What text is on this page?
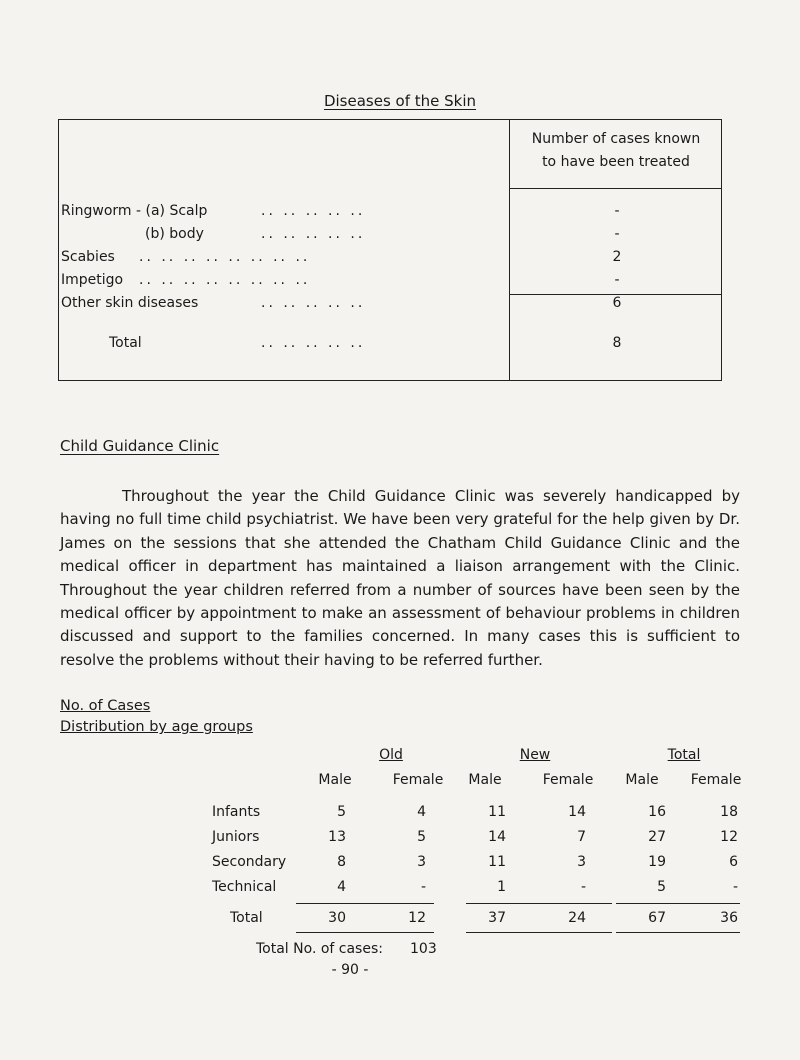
Diseases of the Skin
Number of cases known
to have been treated
Ringworm - (a) Scalp	.. .. .. .. ..	-
(b) body	.. .. .. .. ..	-
Scabies .. .. .. .. .. .. .. ..	2
Impetigo .. .. .. .. .. .. .. ..	-
Other skin diseases	.. .. .. .. ..	6
Total	.. .. .. .. ..	8
Child Guidance Clinic
Throughout the year the Child Guidance Clinic was severely handicapped by having no full time child psychiatrist. We have been very grateful for the help given by Dr. James on the sessions that she attended the Chatham Child Guidance Clinic and the medical officer in department has maintained a liaison arrangement with the Clinic. Throughout the year children referred from a number of sources have been seen by the medical officer by appointment to make an assessment of behaviour problems in children discussed and support to the families concerned. In many cases this is sufficient to resolve the problems without their having to be referred further.
No. of Cases
Distribution by age groups
Old	New	Total
Male	Female	Male	Female	Male	Female
Infants	5	4	11	14	16	18
Juniors	13	5	14	7	27	12
Secondary	8	3	11	3	19	6
Technical	4	-	1	-	5	-
Total	30	12	37	24	67	36
Total No. of cases: 103
- 90 -
